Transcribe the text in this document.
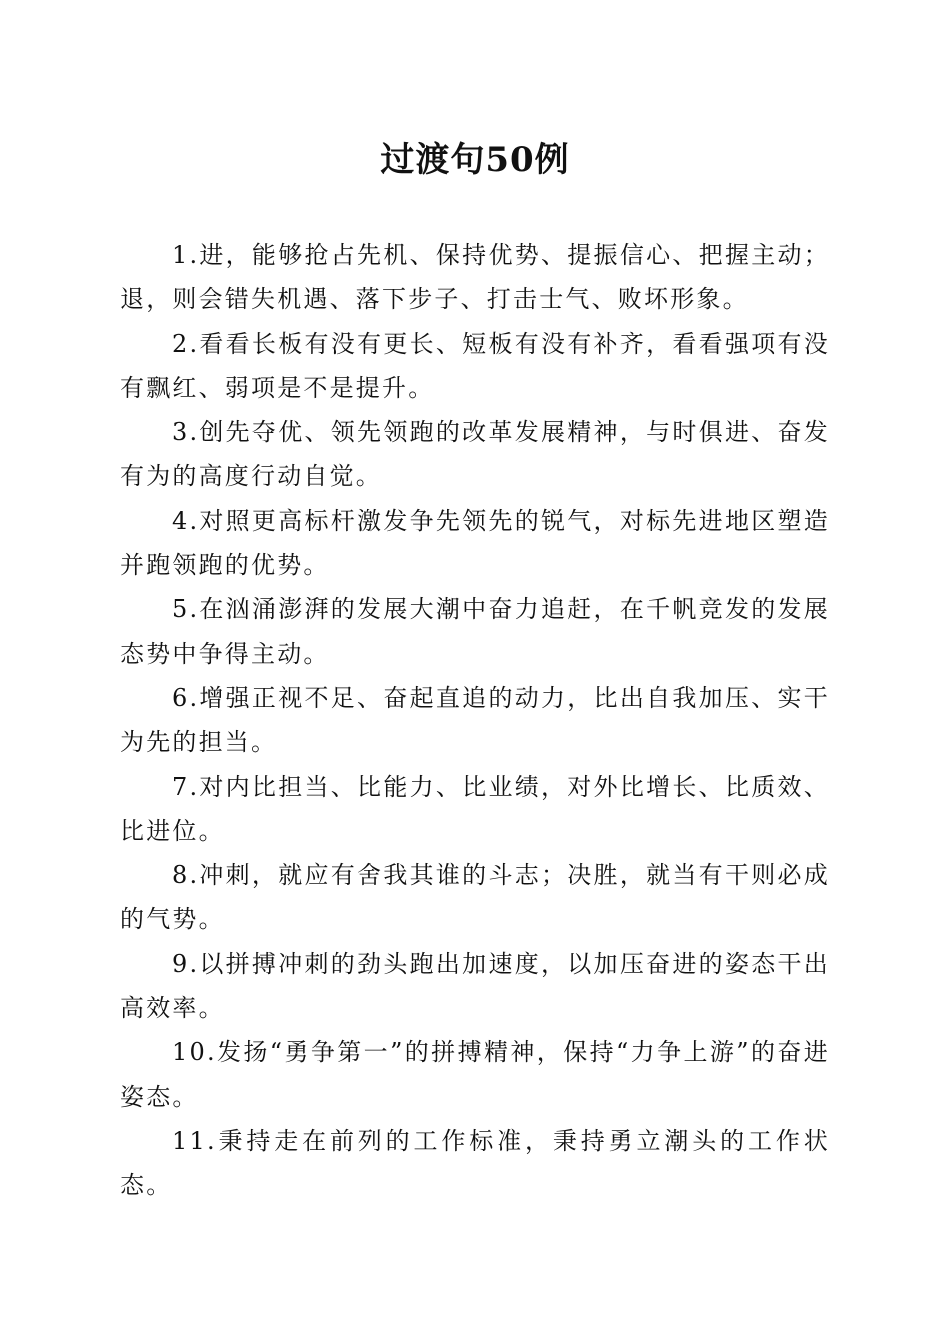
过渡句50例

1.进，能够抢占先机、保持优势、提振信心、把握主动；退，则会错失机遇、落下步子、打击士气、败坏形象。

2.看看长板有没有更长、短板有没有补齐，看看强项有没有飘红、弱项是不是提升。

3.创先夺优、领先领跑的改革发展精神，与时俱进、奋发有为的高度行动自觉。

4.对照更高标杆激发争先领先的锐气，对标先进地区塑造并跑领跑的优势。

5.在汹涌澎湃的发展大潮中奋力追赶，在千帆竞发的发展态势中争得主动。

6.增强正视不足、奋起直追的动力，比出自我加压、实干为先的担当。

7.对内比担当、比能力、比业绩，对外比增长、比质效、比进位。

8.冲刺，就应有舍我其谁的斗志；决胜，就当有干则必成的气势。

9.以拼搏冲刺的劲头跑出加速度，以加压奋进的姿态干出高效率。

10.发扬“勇争第一”的拼搏精神，保持“力争上游”的奋进姿态。

11.秉持走在前列的工作标准，秉持勇立潮头的工作状态。
